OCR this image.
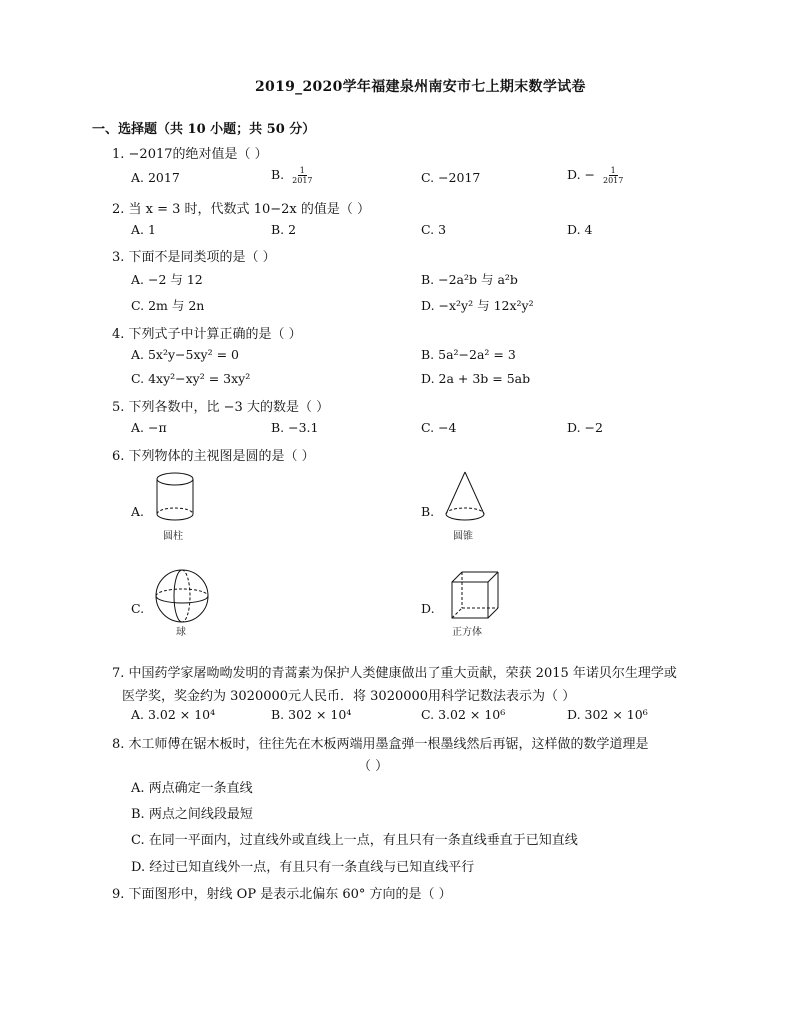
2019_2020学年福建泉州南安市七上期末数学试卷
一、选择题（共 10 小题；共 50 分）
1. −2017的绝对值是（ ）
A. 2017	B. $\frac{1}{2017}$	C. −2017	D. − $\frac{1}{2017}$
2. 当 x = 3 时，代数式 10−2x 的值是（ ）
A. 1	B. 2	C. 3	D. 4
3. 下面不是同类项的是（ ）
A. −2 与 12	B. −2a²b 与 a²b
C. 2m 与 2n	D. −x²y² 与 12x²y²
4. 下列式子中计算正确的是（ ）
A. 5x²y−5xy² = 0	B. 5a²−2a² = 3
C. 4xy²−xy² = 3xy²	D. 2a + 3b = 5ab
5. 下列各数中，比 −3 大的数是（ ）
A. −π	B. −3.1	C. −4	D. −2
6. 下列物体的主视图是圆的是（ ）
A.
圆柱
B.
圆锥
C.
球
D.
正方体
7. 中国药学家屠呦呦发明的青蒿素为保护人类健康做出了重大贡献，荣获 2015 年诺贝尔生理学或
医学奖，奖金约为 3020000元人民币．将 3020000用科学记数法表示为（ ）
A. 3.02 × 10⁴	B. 302 × 10⁴	C. 3.02 × 10⁶	D. 302 × 10⁶
8. 木工师傅在锯木板时，往往先在木板两端用墨盒弹一根墨线然后再锯，这样做的数学道理是
（ ）
A. 两点确定一条直线
B. 两点之间线段最短
C. 在同一平面内，过直线外或直线上一点，有且只有一条直线垂直于已知直线
D. 经过已知直线外一点，有且只有一条直线与已知直线平行
9. 下面图形中，射线 OP 是表示北偏东 60° 方向的是（ ）
